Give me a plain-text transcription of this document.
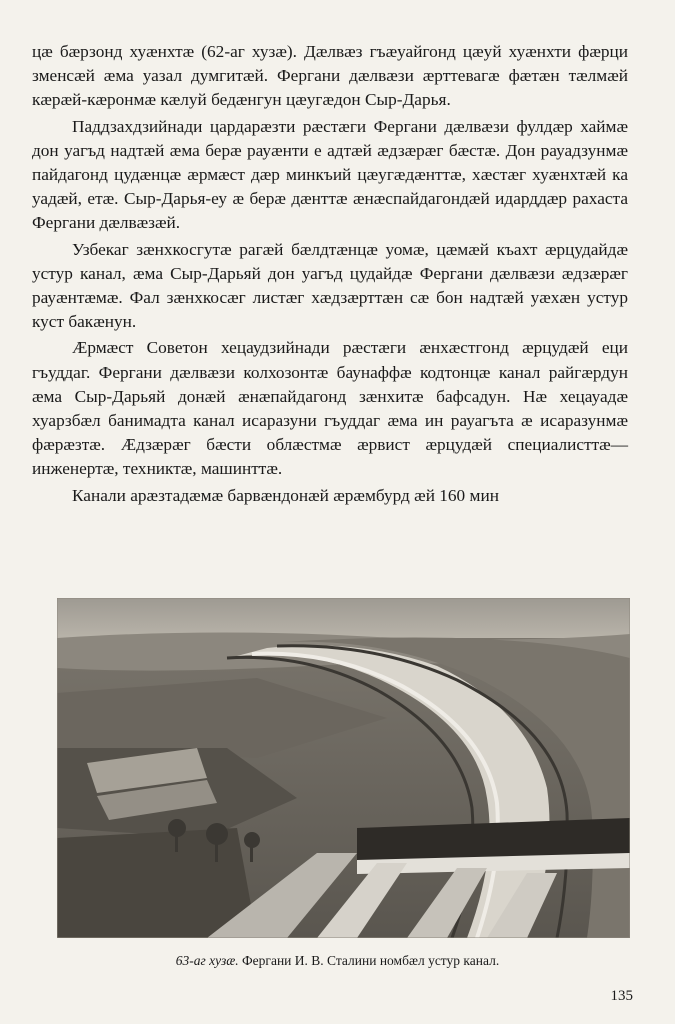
цæ бæрзонд хуæнхтæ (62-аг хузæ). Дæлвæз гъæуайгонд цæуй хуæнхти фæрци зменсæй æма уазал думгитæй. Фергани дæлвæзи æрттевагæ фæтæн тæлмæй кæрæй-кæронмæ кæлуй бедæнгун цæугæдон Сыр-Дарья.

Паддзахдзийнади цардарæзти рæстæги Фергани дæлвæзи фулдæр хаймæ дон уагъд надтæй æма берæ рауæнти е адтæй æдзæрæг бæстæ. Дон рауадзунмæ пайдагонд цудæнцæ æрмæст дæр минкъий цæугæдæнттæ, хæстæг хуæнхтæй ка уадæй, етæ. Сыр-Дарья-еу æ берæ дæнттæ æнæспайдагондæй идарддæр рахаста Фергани дæлвæзæй.

Узбекаг зæнхкосгутæ рагæй бæлдтæнцæ уомæ, цæмæй къахт æрцудайдæ устур канал, æма Сыр-Дарьяй дон уагъд цудайдæ Фергани дæлвæзи æдзæрæг рауæнтæмæ. Фал зæнхкосæг листæг хæдзæрттæн сæ бон надтæй уæхæн устур куст бакæнун.

Æрмæст Советон хецаудзийнади рæстæги æнхæстгонд æрцудæй еци гъуддаг. Фергани дæлвæзи колхозонтæ баунаффæ кодтонцæ канал райгæрдун æма Сыр-Дарьяй донæй æнæпайдагонд зæнхитæ бафсадун. Нæ хецауадæ хуарзбæл банимадта канал исаразуни гъуддаг æма ин рауагъта æ исаразунмæ фæрæзтæ. Æдзæрæг бæсти облæстмæ æрвист æрцудæй специалисттæ—инженертæ, техниктæ, машинттæ.

Канали арæзтадæмæ барвæндонæй æрæмбурд æй 160 мин

63-аг хузæ. Фергани И. В. Сталини номбæл устур канал.
135
